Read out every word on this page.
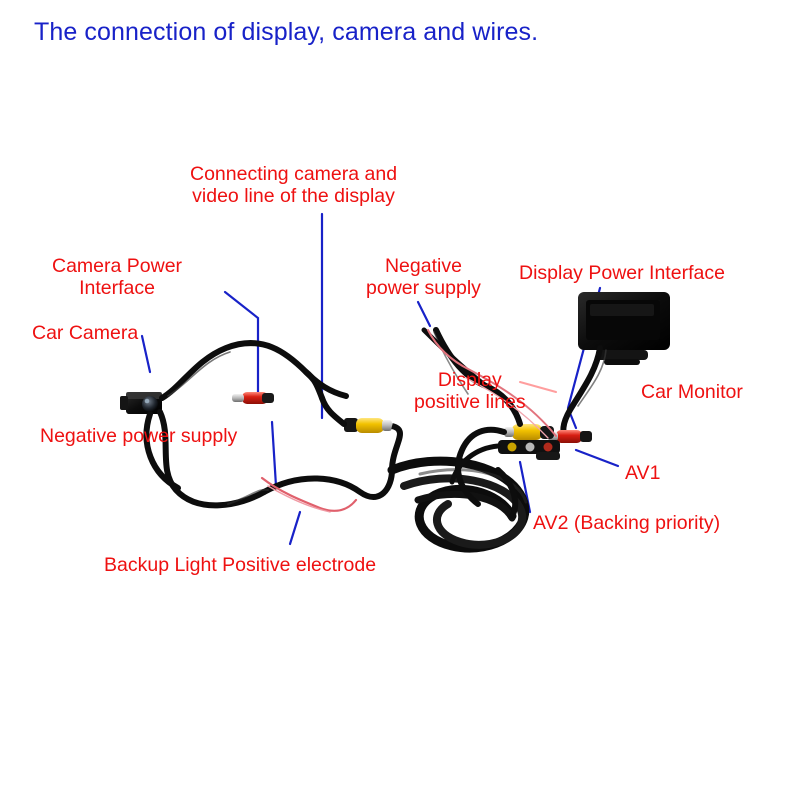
The connection of display, camera and wires.
Connecting camera and
video line of the display
Camera Power
Interface
Car Camera
Negative
power supply
Display Power Interface
Display
positive lines	Car Monitor
Negative power supply
AV1
AV2 (Backing priority)
Backup Light Positive electrode
